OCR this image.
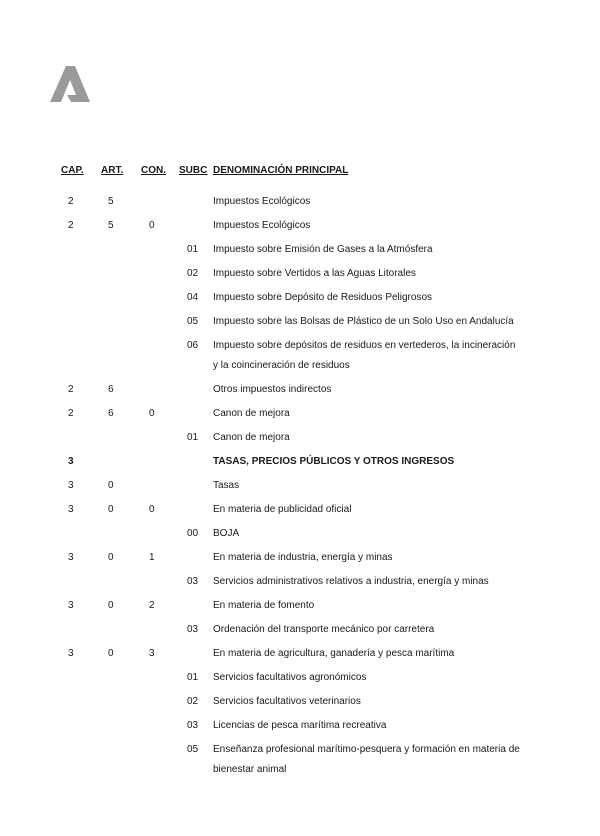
CAP. ART. CON. SUBC DENOMINACIÓN PRINCIPAL
2	5	Impuestos Ecológicos
2	5	0	Impuestos Ecológicos
01 Impuesto sobre Emisión de Gases a la Atmósfera
02 Impuesto sobre Vertidos a las Aguas Litorales
04 Impuesto sobre Depósito de Residuos Peligrosos
05 Impuesto sobre las Bolsas de Plástico de un Solo Uso en Andalucía
06 Impuesto sobre depósitos de residuos en vertederos, la incineración y la coincineración de residuos
2	6	Otros impuestos indirectos
2	6	0	Canon de mejora
01 Canon de mejora
3	TASAS, PRECIOS PÚBLICOS Y OTROS INGRESOS
3	0	Tasas
3	0	0	En materia de publicidad oficial
00 BOJA
3	0	1	En materia de industria, energía y minas
03 Servicios administrativos relativos a industria, energía y minas
3	0	2	En materia de fomento
03 Ordenación del transporte mecánico por carretera
3	0	3	En materia de agricultura, ganadería y pesca marítima
01 Servicios facultativos agronómicos
02 Servicios facultativos veterinarios
03 Licencias de pesca marítima recreativa
05 Enseñanza profesional marítimo-pesquera y formación en materia de bienestar animal
